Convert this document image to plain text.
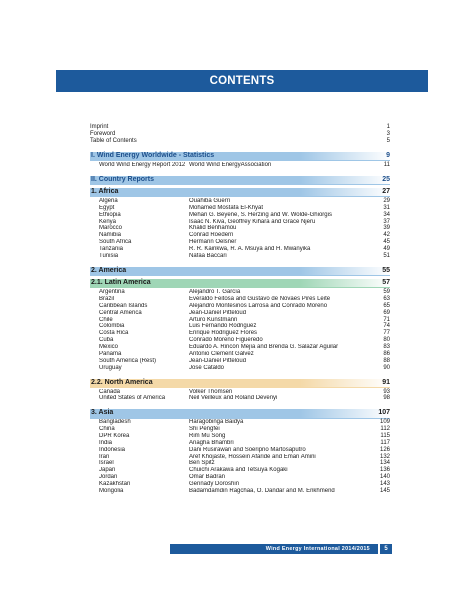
CONTENTS
Imprint	1
Foreword	3
Table of Contents	5
I. Wind Energy Worldwide - Statistics	9
World Wind Energy Report 2012 World Wind EnergyAssociation	11
II. Country Reports	25
1. Africa	27
Algeria	Ouahiba Guerri	29
Egypt	Mohamed Mostafa El-Khyat	31
Ethiopia	Mehari G. Beyene, S. Herzing and W. Wolde-Ghiorgis	34
Kenya	Isaac N. Kiva, Geoffrey Kihara and Grace Njeru	37
Marocco	Khalid Benhamou	39
Namibia	Conrad Roedern	42
South Africa	Hermann Oelsner	45
Tanzania	R. R. Kainkwa, R. A. Msuya and H. Mwanyika	49
Tunisia	Nafaa Baccari	51
2. America	55
2.1. Latin America	57
Argentina	Alejandro T. García	59
Brazil	Everaldo Feitosa and Gustavo de Novaes Pires Leite	63
Caribbean Islands	Alejandro Montesinos Larrosa and Conrado Moreno	65
Central America	Jean-Daniel Pitteloud	69
Chile	Arturo Kunstmann	71
Colombia	Luis Fernando Rodriguez	74
Costa Rica	Enrique Rodriguez Flores	77
Cuba	Conrado Moreno Figueredo	80
Mexico	Eduardo A. Rincón Mejía and Brenda G. Salazar Aguilar	83
Panama	Antonio Clement Gálvez	86
South America (Rest)	Jean-Daniel Pitteloud	88
Uruguay	José Cataldo	90
2.2. North America	91
Canada	Volker Thomsen	93
United States of America	Neil Veilleux and Roland Devenyi	98
3. Asia	107
Bangladesh	Haragobinga Baidya	109
China	Shi Pengfei	112
DPR Korea	Rim Mu Song	115
India	Anagha Bhambri	117
Indonesia	Dani Rusirawan and Soeripno Martosaputro	126
Iran	Aref Khojaste, Hossein Afaride and Eman Amini	132
Israel	Ben Spitz	134
Japan	Chuichi Arakawa and Tetsuya Kogaki	136
Jordan	Omar Badran	140
Kazakhstan	Gennady Doroshin	143
Mongolia	Badamdamdin Ragchaa, O. Dandar and M. Enkhmend	145
Wind Energy International 2014/2015	5
